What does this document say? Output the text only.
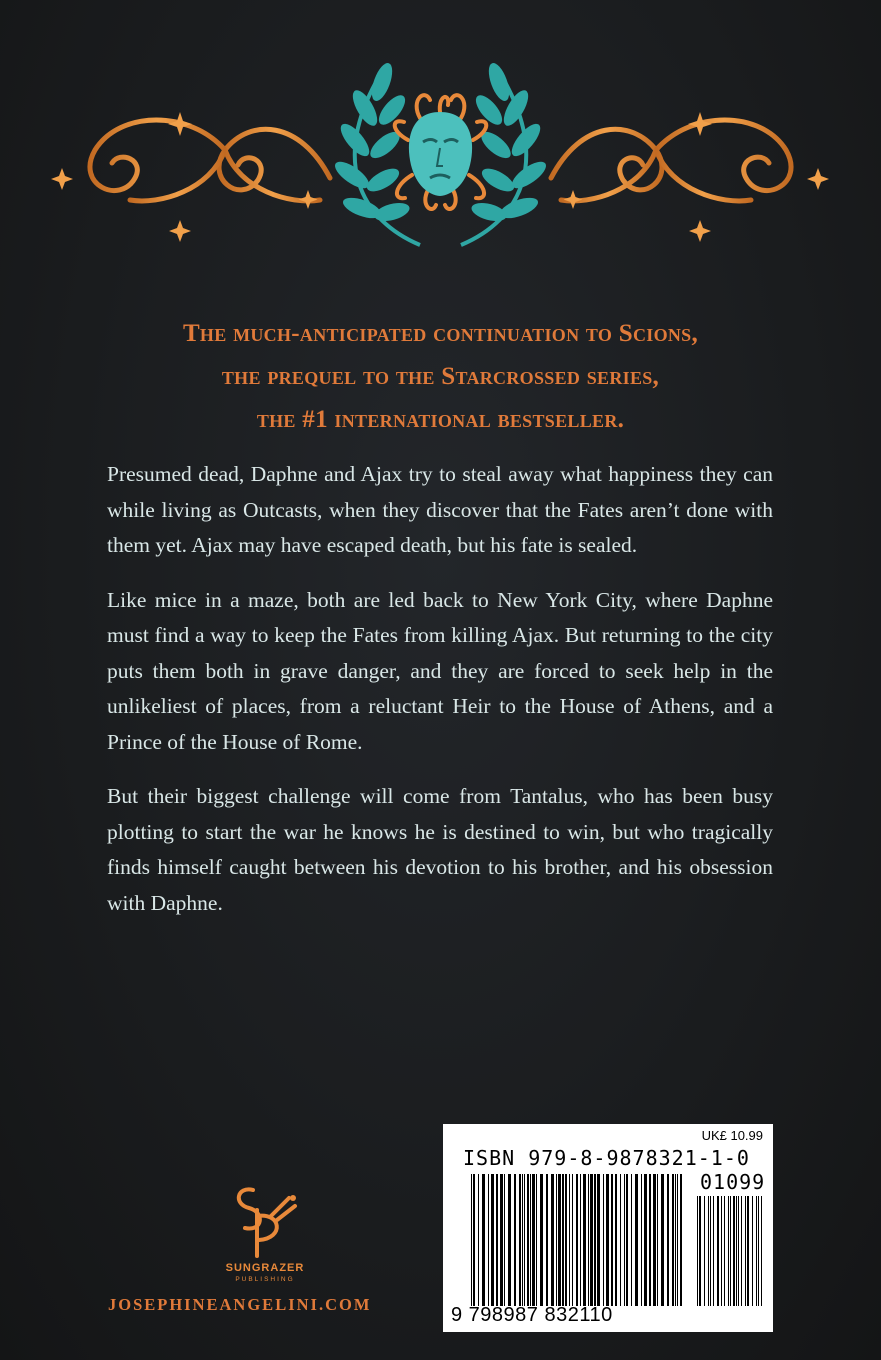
The much-anticipated continuation to Scions,
the prequel to the Starcrossed series,
the #1 international bestseller.

Presumed dead, Daphne and Ajax try to steal away what happiness they can while living as Outcasts, when they discover that the Fates aren’t done with them yet. Ajax may have escaped death, but his fate is sealed.

Like mice in a maze, both are led back to New York City, where Daphne must find a way to keep the Fates from killing Ajax. But returning to the city puts them both in grave danger, and they are forced to seek help in the unlikeliest of places, from a reluctant Heir to the House of Athens, and a Prince of the House of Rome.

But their biggest challenge will come from Tantalus, who has been busy plotting to start the war he knows he is destined to win, but who tragically finds himself caught between his devotion to his brother, and his obsession with Daphne.

SUNGRAZER
PUBLISHING
JOSEPHINEANGELINI.COM
UK£ 10.99
ISBN 979-8-9878321-1-0
01099
9 798987 832110
